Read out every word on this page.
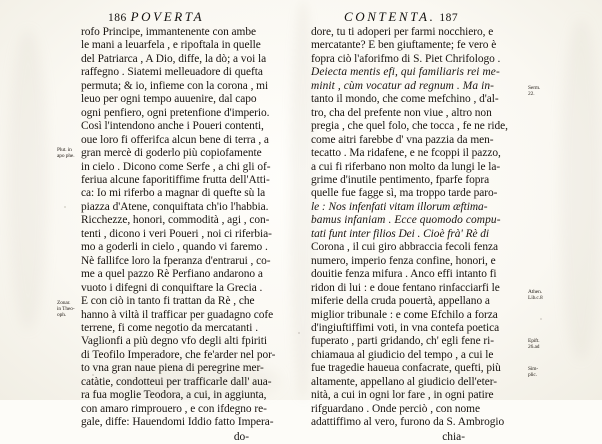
186 POVERTA	CONTENTA. 187
rofo Principe, immantenente con ambe
le mani a leuarfela , e ripoftala in quelle
del Patriarca , A Dio, diffe, la dò; a voi la
raffegno . Siatemi melleuadore di quefta
permuta; & io, infieme con la corona , mi
leuo per ogni tempo auuenire, dal capo
ogni penfiero, ogni pretenfione d'imperio.
Così l'intendono anche i Poueri contenti,
oue loro fi offerifca alcun bene di terra , a
gran mercè di goderlo più copiofamente
in cielo . Dicono come Serfe , a chi gli of-
feriua alcune faporitiffime frutta dell'Atti-
ca: Io mi riferbo a magnar di quefte sù la
piazza d'Atene, conquiftata ch'io l'habbia.
Ricchezze, honori, commodità , agi , con-
tenti , dicono i veri Poueri , noi ci riferbia-
mo a goderli in cielo , quando vi faremo .
Nè fallifce loro la fperanza d'entrarui , co-
me a quel pazzo Rè Perfiano andarono a
vuoto i difegni di conquiftare la Grecia .
E con ciò in tanto fi trattan da Rè , che
hanno à viltà il trafficar per guadagno cofe
terrene, fi come negotio da mercatanti .
Vaglionfi a più degno vfo degli alti fpiriti
di Teofilo Imperadore, che fe'arder nel por-
to vna gran naue piena di peregrine mer-
catàtie, condotteui per trafficarle dall' aua-
ra fua moglie Teodora, a cui, in aggiunta,
con amaro rimprouero , e con ifdegno re-
gale, diffe: Hauendomi Iddio fatto Impera-
do-
dore, tu ti adoperi per farmi nocchiero, e
mercatante? E ben giuftamente; fe vero è
fopra ciò l'aforifmo di S. Piet Chrifologo .
Deiecta mentis efi, qui familiaris rei me-
minit , cùm vocatur ad regnum . Ma in-
tanto il mondo, che come mefchino , d'al-
tro, cha del prefente non viue , altro non
pregia , che quel folo, che tocca , fe ne ride,
come aitri farebbe d' vna pazzia da men-
tecatto . Ma ridafene, e ne fcoppi il pazzo,
a cui fi riferbano non molto da lungi le la-
grime d'inutile pentimento, fparfe fopra
quelle fue fagge sì, ma troppo tarde paro-
le : Nos infenfati vitam illorum æftima-
bamus infaniam . Ecce quomodo compu-
tati funt inter filios Dei . Cioè frà' Rè di
Corona , il cui giro abbraccia fecoli fenza
numero, imperio fenza confine, honori, e
douitie fenza mifura . Anco effi intanto fi
ridon di lui : e doue fentano rinfacciarfi le
miferie della cruda pouertà, appellano a
miglior tribunale : e come Efchilo a forza
d'ingiuftiffimi voti, in vna contefa poetica
fuperato , parti gridando, ch' egli fene ri-
chiamaua al giudicio del tempo , a cui le
fue tragedie haueua confacrate, quefti, più
altamente, appellano al giudicio dell'eter-
nità, a cui in ogni lor fare , in ogni patire
rifguardano . Onde perciò , con nome
adattiffimo al vero, furono da S. Ambrogio
chia-
Plut. in
apo phe.
Zonar.
in Theo-
oph.
Serm.
22.
Athen.
Lib.c.8
Epift.
26.ad
Sim-
plic.
